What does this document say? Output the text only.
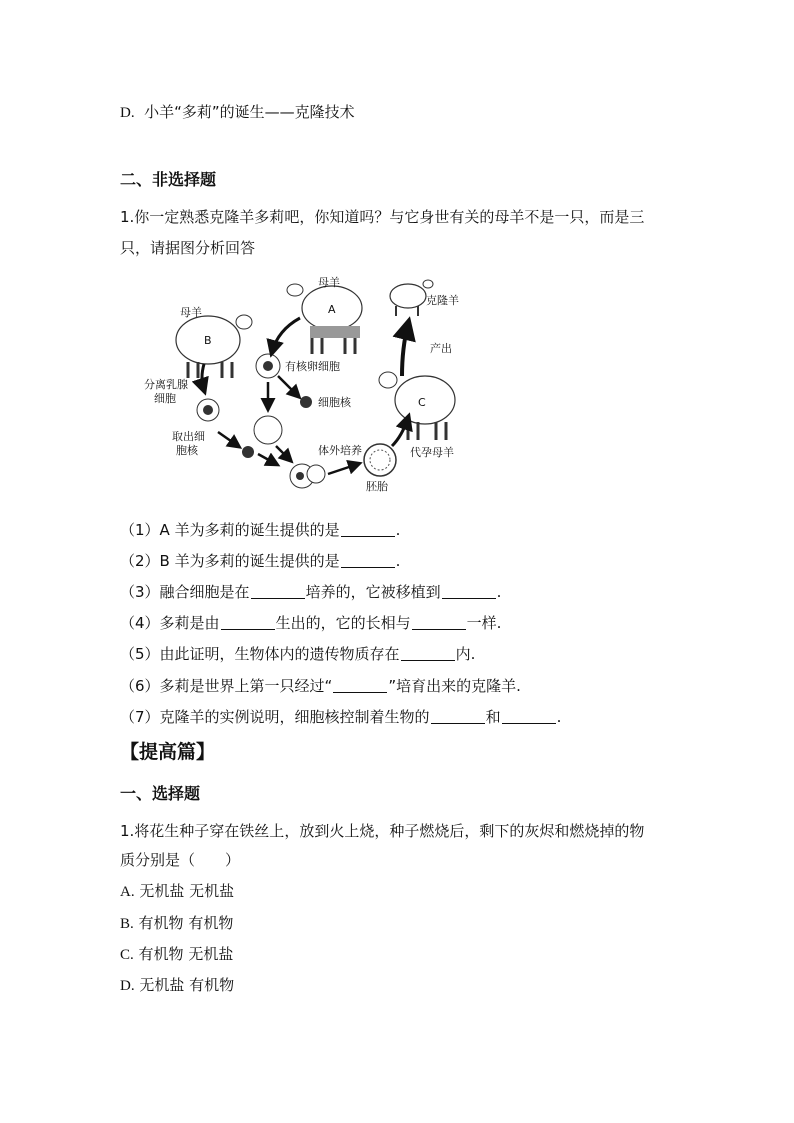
D. 小羊“多莉”的诞生——克隆技术
二、非选择题
1.你一定熟悉克隆羊多莉吧，你知道吗？与它身世有关的母羊不是一只，而是三
只，请据图分析回答
母羊
A
母羊
B
克隆羊
C
代孕母羊
产出
有核卵细胞
细胞核
分离乳腺
细胞
取出细
胞核	体外培养
胚胎
（1）A 羊为多莉的诞生提供的是	.
（2）B 羊为多莉的诞生提供的是	.
（3）融合细胞是在	培养的，它被移植到	.
（4）多莉是由	生出的，它的长相与	一样.
（5）由此证明，生物体内的遗传物质存在	内.
（6）多莉是世界上第一只经过“	”培育出来的克隆羊.
（7）克隆羊的实例说明，细胞核控制着生物的	和	.
【提高篇】
一、选择题
1.将花生种子穿在铁丝上，放到火上烧，种子燃烧后，剩下的灰烬和燃烧掉的物
质分别是（　　）
A. 无机盐 无机盐
B. 有机物 有机物
C. 有机物 无机盐
D. 无机盐 有机物
